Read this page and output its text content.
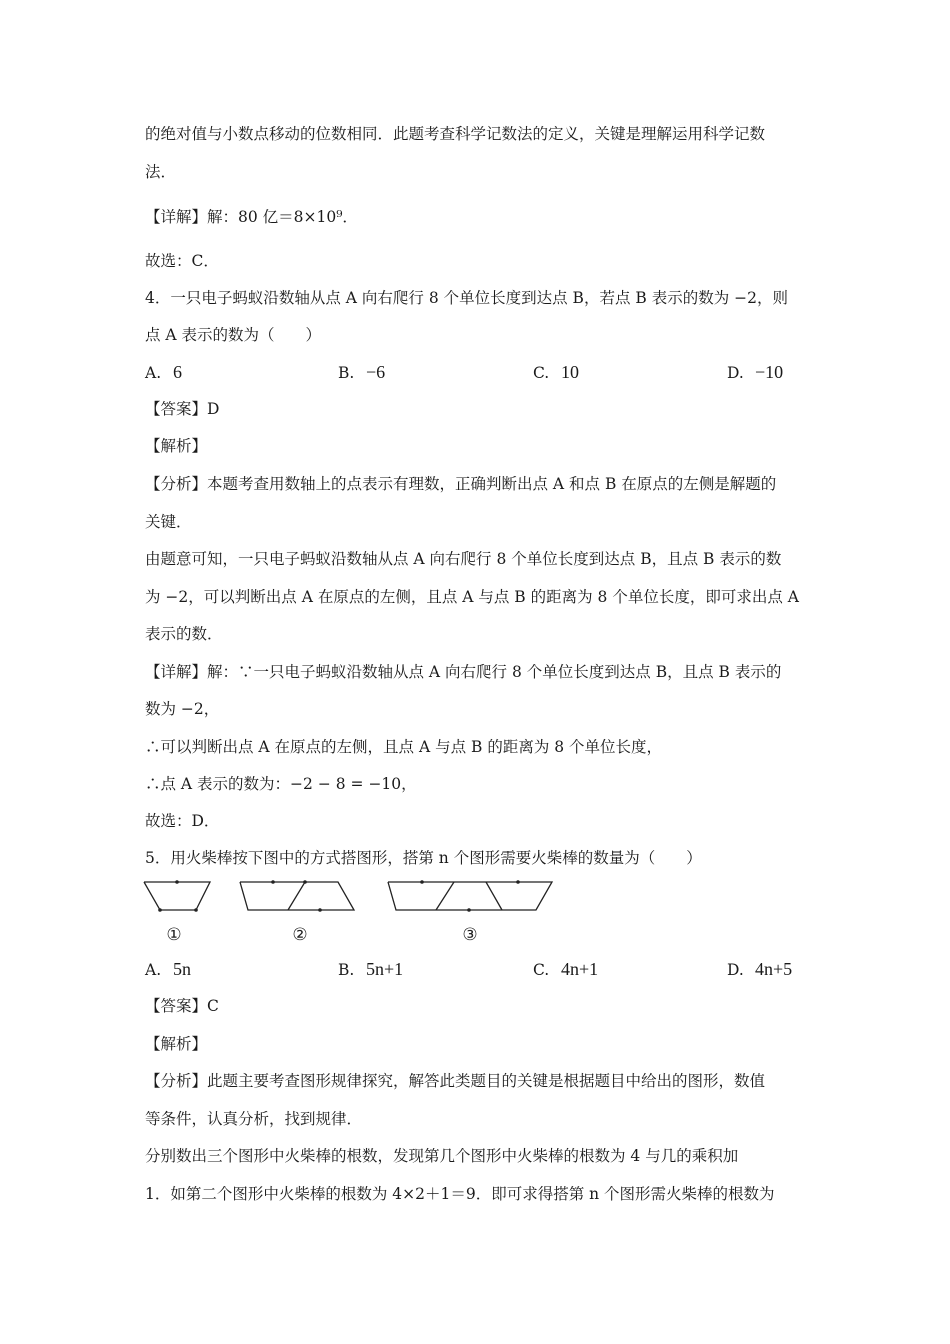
的绝对值与小数点移动的位数相同．此题考查科学记数法的定义，关键是理解运用科学记数
法．
【详解】解：80 亿＝8×10⁹．
故选：C．
4．一只电子蚂蚁沿数轴从点 A 向右爬行 8 个单位长度到达点 B，若点 B 表示的数为 −2，则
点 A 表示的数为（　　）
A. 6	B. −6	C. 10	D. −10
【答案】D
【解析】
【分析】本题考查用数轴上的点表示有理数，正确判断出点 A 和点 B 在原点的左侧是解题的
关键．
由题意可知，一只电子蚂蚁沿数轴从点 A 向右爬行 8 个单位长度到达点 B，且点 B 表示的数
为 −2，可以判断出点 A 在原点的左侧，且点 A 与点 B 的距离为 8 个单位长度，即可求出点 A
表示的数．
【详解】解：∵一只电子蚂蚁沿数轴从点 A 向右爬行 8 个单位长度到达点 B，且点 B 表示的
数为 −2，
∴可以判断出点 A 在原点的左侧，且点 A 与点 B 的距离为 8 个单位长度，
∴点 A 表示的数为：−2 − 8 = −10，
故选：D．
5．用火柴棒按下图中的方式搭图形，搭第 n 个图形需要火柴棒的数量为（　　）
①	②	③
A. 5n	B. 5n+1	C. 4n+1	D. 4n+5
【答案】C
【解析】
【分析】此题主要考查图形规律探究，解答此类题目的关键是根据题目中给出的图形，数值
等条件，认真分析，找到规律．
分别数出三个图形中火柴棒的根数，发现第几个图形中火柴棒的根数为 4 与几的乘积加
1．如第二个图形中火柴棒的根数为 4×2＋1＝9．即可求得搭第 n 个图形需火柴棒的根数为
